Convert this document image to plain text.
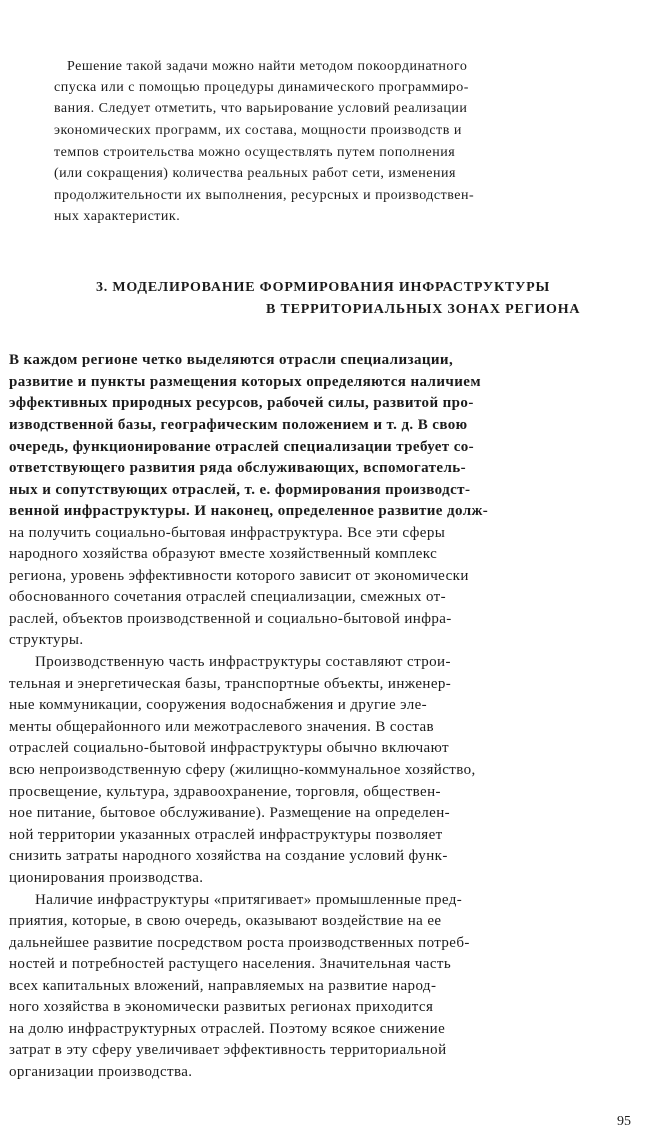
Решение такой задачи можно найти методом покоординатного
спуска или с помощью процедуры динамического программиро-
вания. Следует отметить, что варьирование условий реализации
экономических программ, их состава, мощности производств и
темпов строительства можно осуществлять путем пополнения
(или сокращения) количества реальных работ сети, изменения
продолжительности их выполнения, ресурсных и производствен-
ных характеристик.
3. МОДЕЛИРОВАНИЕ ФОРМИРОВАНИЯ ИНФРАСТРУКТУРЫ
В ТЕРРИТОРИАЛЬНЫХ ЗОНАХ РЕГИОНА
В каждом регионе четко выделяются отрасли специализации,
развитие и пункты размещения которых определяются наличием
эффективных природных ресурсов, рабочей силы, развитой про-
изводственной базы, географическим положением и т. д. В свою
очередь, функционирование отраслей специализации требует со-
ответствующего развития ряда обслуживающих, вспомогатель-
ных и сопутствующих отраслей, т. е. формирования производст-
венной инфраструктуры. И наконец, определенное развитие долж-
на получить социально-бытовая инфраструктура. Все эти сферы
народного хозяйства образуют вместе хозяйственный комплекс
региона, уровень эффективности которого зависит от экономически
обоснованного сочетания отраслей специализации, смежных от-
раслей, объектов производственной и социально-бытовой инфра-
структуры.
Производственную часть инфраструктуры составляют строи-
тельная и энергетическая базы, транспортные объекты, инженер-
ные коммуникации, сооружения водоснабжения и другие эле-
менты общерайонного или межотраслевого значения. В состав
отраслей социально-бытовой инфраструктуры обычно включают
всю непроизводственную сферу (жилищно-коммунальное хозяйство,
просвещение, культура, здравоохранение, торговля, обществен-
ное питание, бытовое обслуживание). Размещение на определен-
ной территории указанных отраслей инфраструктуры позволяет
снизить затраты народного хозяйства на создание условий функ-
ционирования производства.
Наличие инфраструктуры «притягивает» промышленные пред-
приятия, которые, в свою очередь, оказывают воздействие на ее
дальнейшее развитие посредством роста производственных потреб-
ностей и потребностей растущего населения. Значительная часть
всех капитальных вложений, направляемых на развитие народ-
ного хозяйства в экономически развитых регионах приходится
на долю инфраструктурных отраслей. Поэтому всякое снижение
затрат в эту сферу увеличивает эффективность территориальной
организации производства.
95
